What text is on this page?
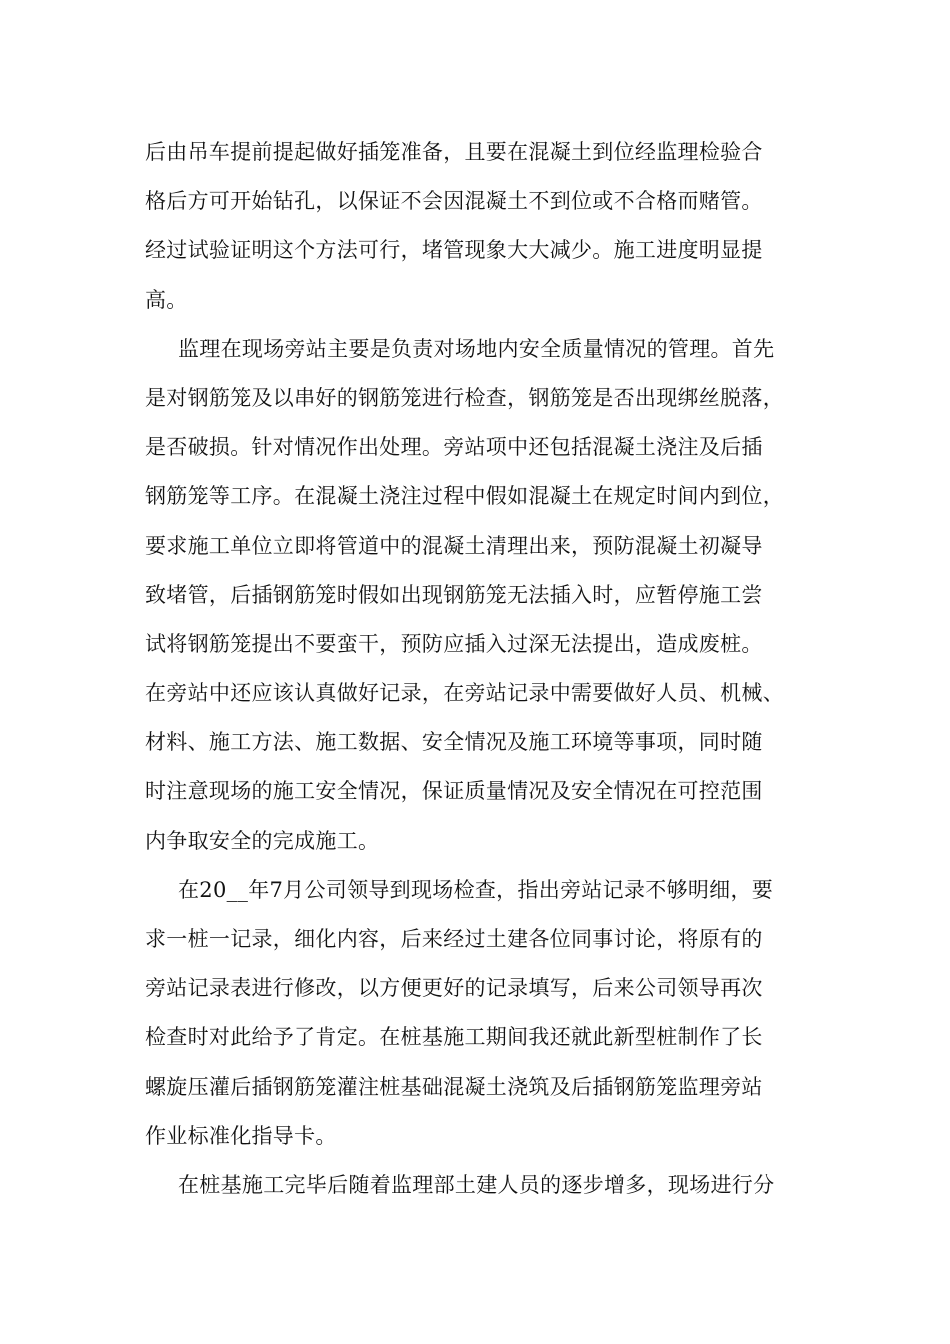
后由吊车提前提起做好插笼准备，且要在混凝土到位经监理检验合
格后方可开始钻孔，以保证不会因混凝土不到位或不合格而赌管。
经过试验证明这个方法可行，堵管现象大大减少。施工进度明显提
高。
监理在现场旁站主要是负责对场地内安全质量情况的管理。首先
是对钢筋笼及以串好的钢筋笼进行检查，钢筋笼是否出现绑丝脱落，
是否破损。针对情况作出处理。旁站项中还包括混凝土浇注及后插
钢筋笼等工序。在混凝土浇注过程中假如混凝土在规定时间内到位，
要求施工单位立即将管道中的混凝土清理出来，预防混凝土初凝导
致堵管，后插钢筋笼时假如出现钢筋笼无法插入时，应暂停施工尝
试将钢筋笼提出不要蛮干，预防应插入过深无法提出，造成废桩。
在旁站中还应该认真做好记录，在旁站记录中需要做好人员、机械、
材料、施工方法、施工数据、安全情况及施工环境等事项，同时随
时注意现场的施工安全情况，保证质量情况及安全情况在可控范围
内争取安全的完成施工。
在20__年7月公司领导到现场检查，指出旁站记录不够明细，要
求一桩一记录，细化内容，后来经过土建各位同事讨论，将原有的
旁站记录表进行修改，以方便更好的记录填写，后来公司领导再次
检查时对此给予了肯定。在桩基施工期间我还就此新型桩制作了长
螺旋压灌后插钢筋笼灌注桩基础混凝土浇筑及后插钢筋笼监理旁站
作业标准化指导卡。
在桩基施工完毕后随着监理部土建人员的逐步增多，现场进行分
